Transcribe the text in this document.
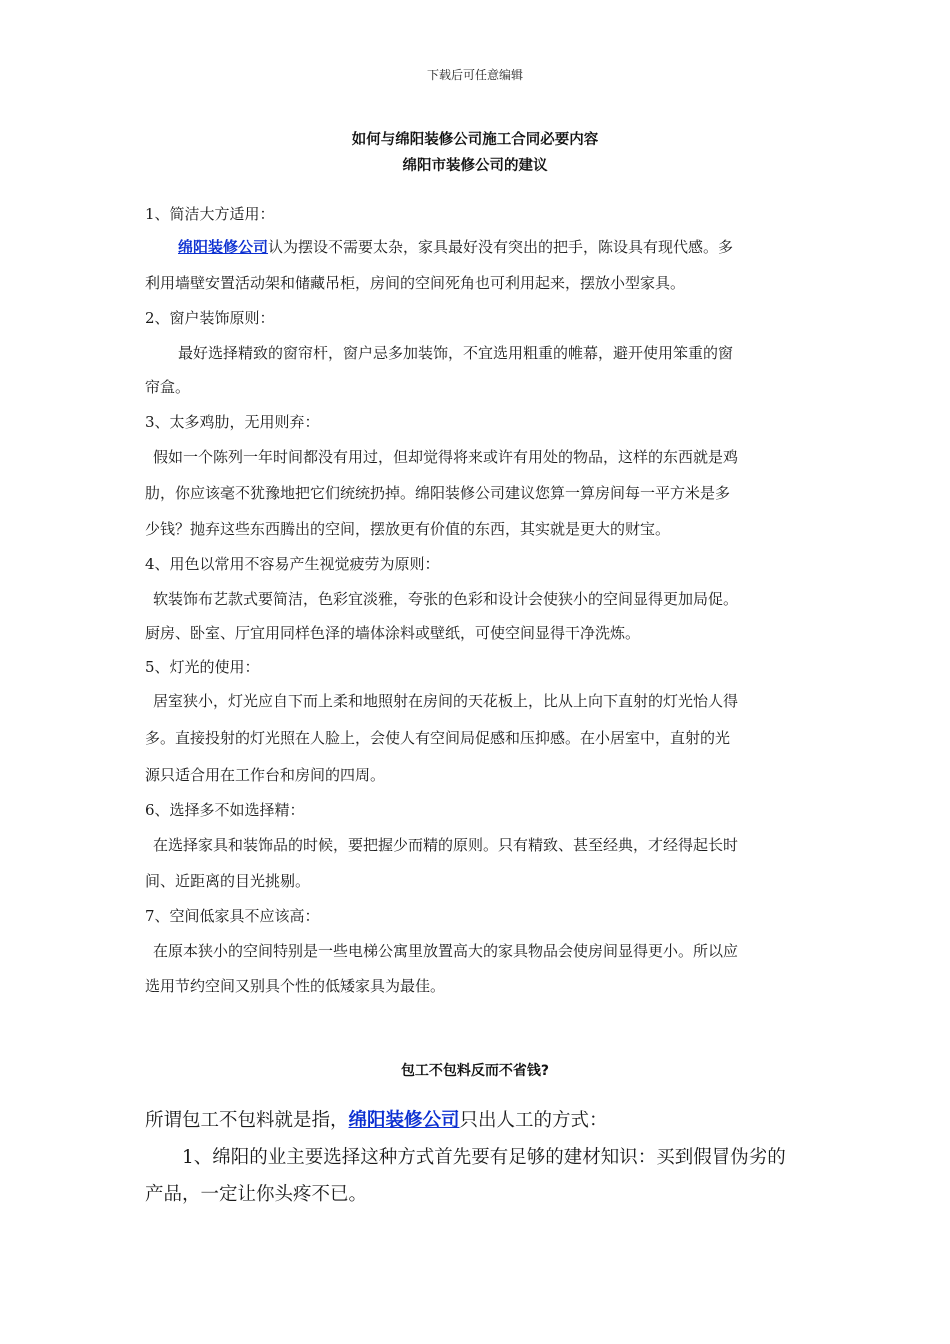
下载后可任意编辑
如何与绵阳装修公司施工合同必要内容
绵阳市装修公司的建议
1、简洁大方适用：
绵阳装修公司认为摆设不需要太杂，家具最好没有突出的把手，陈设具有现代感。多
利用墙壁安置活动架和储藏吊柜，房间的空间死角也可利用起来，摆放小型家具。
2、窗户装饰原则：
最好选择精致的窗帘杆，窗户忌多加装饰，不宜选用粗重的帷幕，避开使用笨重的窗
帘盒。
3、太多鸡肋，无用则弃：
假如一个陈列一年时间都没有用过，但却觉得将来或许有用处的物品，这样的东西就是鸡
肋，你应该毫不犹豫地把它们统统扔掉。绵阳装修公司建议您算一算房间每一平方米是多
少钱？抛弃这些东西腾出的空间，摆放更有价值的东西，其实就是更大的财宝。
4、用色以常用不容易产生视觉疲劳为原则：
软装饰布艺款式要简洁，色彩宜淡雅，夸张的色彩和设计会使狭小的空间显得更加局促。
厨房、卧室、厅宜用同样色泽的墙体涂料或壁纸，可使空间显得干净洗炼。
5、灯光的使用：
居室狭小，灯光应自下而上柔和地照射在房间的天花板上，比从上向下直射的灯光怡人得
多。直接投射的灯光照在人脸上，会使人有空间局促感和压抑感。在小居室中，直射的光
源只适合用在工作台和房间的四周。
6、选择多不如选择精：
在选择家具和装饰品的时候，要把握少而精的原则。只有精致、甚至经典，才经得起长时
间、近距离的目光挑剔。
7、空间低家具不应该高：
在原本狭小的空间特别是一些电梯公寓里放置高大的家具物品会使房间显得更小。所以应
选用节约空间又别具个性的低矮家具为最佳。
包工不包料反而不省钱?
所谓包工不包料就是指，绵阳装修公司只出人工的方式：
1、绵阳的业主要选择这种方式首先要有足够的建材知识：买到假冒伪劣的
产品，一定让你头疼不已。
